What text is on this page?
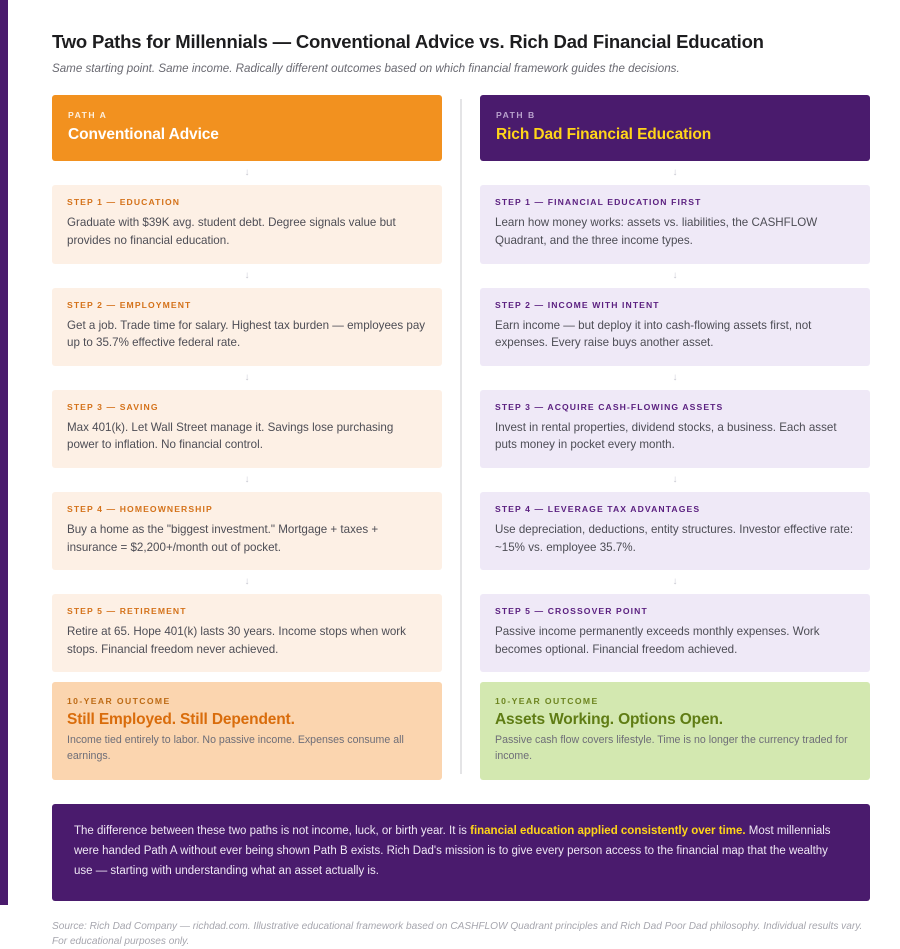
Two Paths for Millennials — Conventional Advice vs. Rich Dad Financial Education

Same starting point. Same income. Radically different outcomes based on which financial framework guides the decisions.

PATH A
Conventional Advice
↓
STEP 1 — EDUCATION
Graduate with $39K avg. student debt. Degree signals value but provides no financial education.
↓
STEP 2 — EMPLOYMENT
Get a job. Trade time for salary. Highest tax burden — employees pay up to 35.7% effective federal rate.
↓
STEP 3 — SAVING
Max 401(k). Let Wall Street manage it. Savings lose purchasing power to inflation. No financial control.
↓
STEP 4 — HOMEOWNERSHIP
Buy a home as the "biggest investment." Mortgage + taxes + insurance = $2,200+/month out of pocket.
↓
STEP 5 — RETIREMENT
Retire at 65. Hope 401(k) lasts 30 years. Income stops when work stops. Financial freedom never achieved.
10-YEAR OUTCOME
Still Employed. Still Dependent.
Income tied entirely to labor. No passive income. Expenses consume all earnings.
PATH B
Rich Dad Financial Education
↓
STEP 1 — FINANCIAL EDUCATION FIRST
Learn how money works: assets vs. liabilities, the CASHFLOW Quadrant, and the three income types.
↓
STEP 2 — INCOME WITH INTENT
Earn income — but deploy it into cash-flowing assets first, not expenses. Every raise buys another asset.
↓
STEP 3 — ACQUIRE CASH-FLOWING ASSETS
Invest in rental properties, dividend stocks, a business. Each asset puts money in pocket every month.
↓
STEP 4 — LEVERAGE TAX ADVANTAGES
Use depreciation, deductions, entity structures. Investor effective rate: ~15% vs. employee 35.7%.
↓
STEP 5 — CROSSOVER POINT
Passive income permanently exceeds monthly expenses. Work becomes optional. Financial freedom achieved.
10-YEAR OUTCOME
Assets Working. Options Open.
Passive cash flow covers lifestyle. Time is no longer the currency traded for income.
The difference between these two paths is not income, luck, or birth year. It is financial education applied consistently over time. Most millennials were handed Path A without ever being shown Path B exists. Rich Dad's mission is to give every person access to the financial map that the wealthy use — starting with understanding what an asset actually is.

Source: Rich Dad Company — richdad.com. Illustrative educational framework based on CASHFLOW Quadrant principles and Rich Dad Poor Dad philosophy. Individual results vary. For educational purposes only.
